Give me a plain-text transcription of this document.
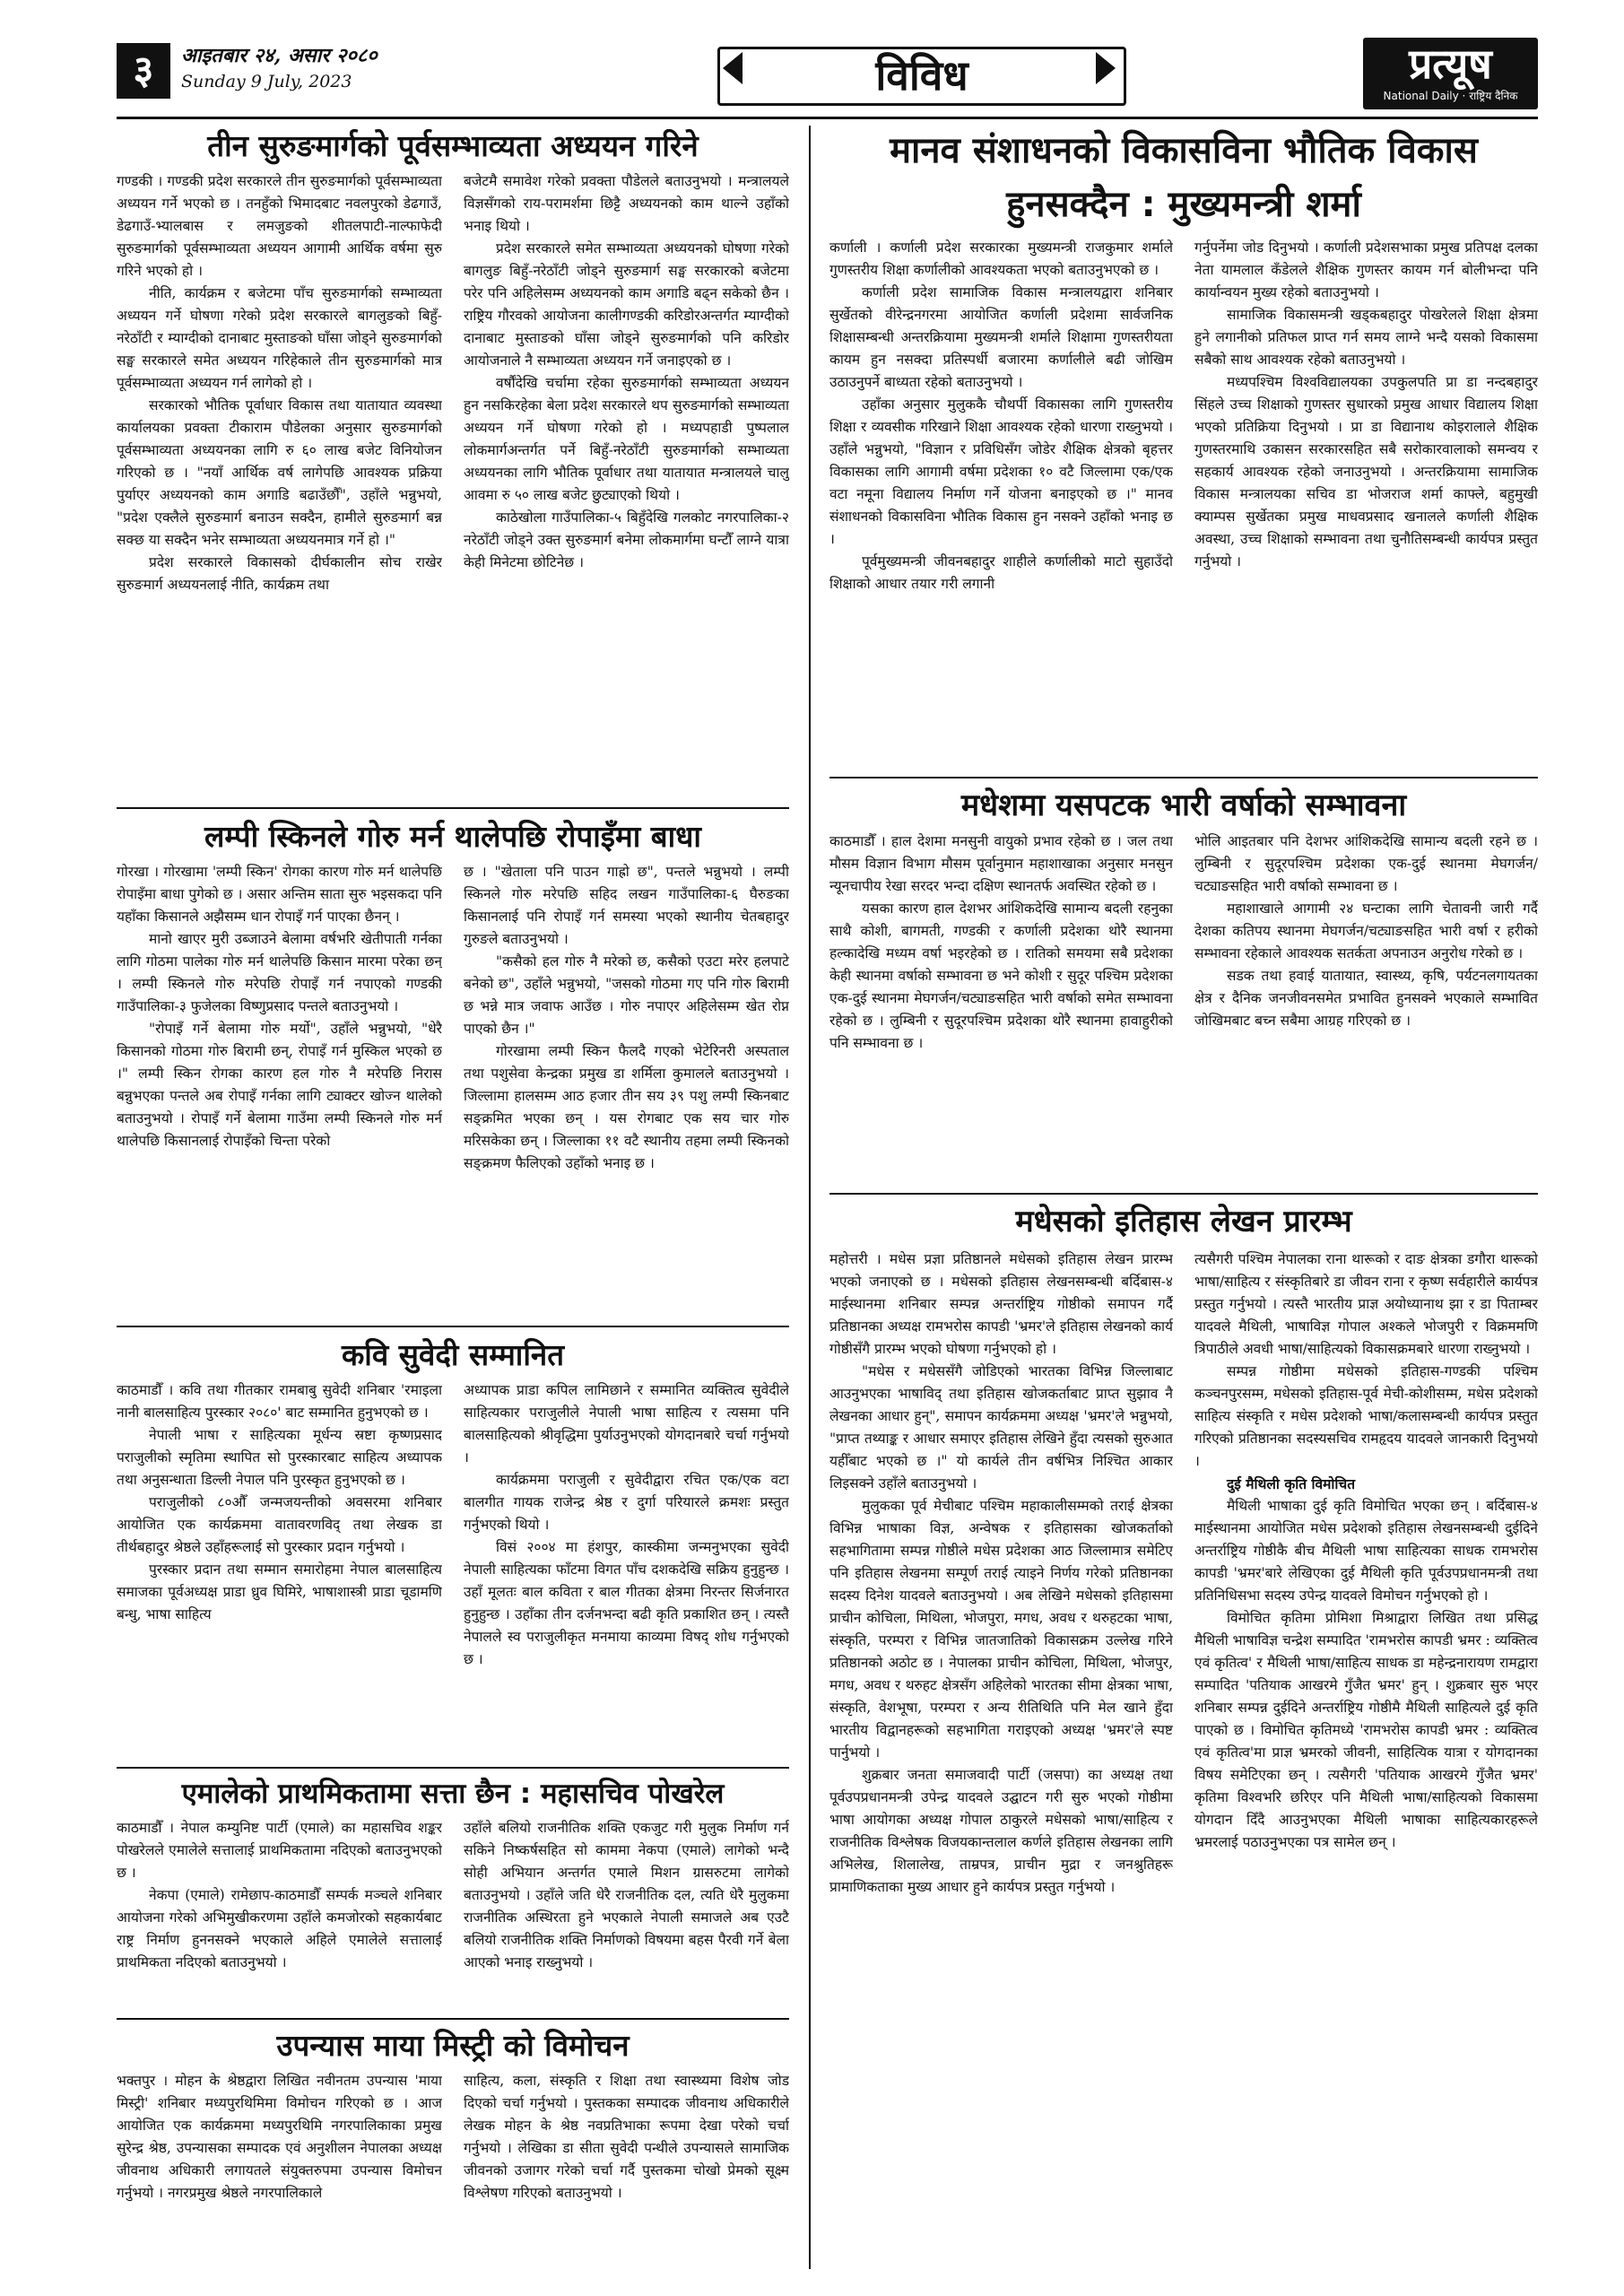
३	आइतबार २४, असार २०८०
Sunday 9 July, 2023	विविध	प्रत्यूष
National Daily · राष्ट्रिय दैनिक
तीन सुरुङमार्गको पूर्वसम्भाव्यता अध्ययन गरिने

गण्डकी । गण्डकी प्रदेश सरकारले तीन सुरुङमार्गको पूर्वसम्भाव्यता अध्ययन गर्ने भएको छ । तनहुँको भिमादबाट नवलपुरको डेढगाउँ, डेढगाउँ-भ्यालबास र लमजुङको शीतलपाटी-नाल्फाफेदी सुरुङमार्गको पूर्वसम्भाव्यता अध्ययन आगामी आर्थिक वर्षमा सुरु गरिने भएको हो ।

नीति, कार्यक्रम र बजेटमा पाँच सुरुङमार्गको सम्भाव्यता अध्ययन गर्ने घोषणा गरेको प्रदेश सरकारले बागलुङको बिहुँ-नरेठाँटी र म्याग्दीको दानाबाट मुस्ताङको घाँसा जोड्ने सुरुङमार्गको सङ्घ सरकारले समेत अध्ययन गरिहेकाले तीन सुरुङमार्गको मात्र पूर्वसम्भाव्यता अध्ययन गर्न लागेको हो ।

सरकारको भौतिक पूर्वाधार विकास तथा यातायात व्यवस्था कार्यालयका प्रवक्ता टीकाराम पौडेलका अनुसार सुरुङमार्गको पूर्वसम्भाव्यता अध्ययनका लागि रु ६० लाख बजेट विनियोजन गरिएको छ । "नयाँ आर्थिक वर्ष लागेपछि आवश्यक प्रक्रिया पुर्याएर अध्ययनको काम अगाडि बढाउँछौँ", उहाँले भन्नुभयो, "प्रदेश एक्लैले सुरुङमार्ग बनाउन सक्दैन, हामीले सुरुङमार्ग बन्न सक्छ या सक्दैन भनेर सम्भाव्यता अध्ययनमात्र गर्ने हो ।"

प्रदेश सरकारले विकासको दीर्घकालीन सोच राखेर सुरुङमार्ग अध्ययनलाई नीति, कार्यक्रम तथा

बजेटमै समावेश गरेको प्रवक्ता पौडेलले बताउनुभयो । मन्त्रालयले विज्ञसँगको राय-परामर्शमा छिट्टै अध्ययनको काम थाल्ने उहाँको भनाइ थियो ।

प्रदेश सरकारले समेत सम्भाव्यता अध्ययनको घोषणा गरेको बागलुङ बिहुँ-नरेठाँटी जोड्ने सुरुङमार्ग सङ्घ सरकारको बजेटमा परेर पनि अहिलेसम्म अध्ययनको काम अगाडि बढ्न सकेको छैन । राष्ट्रिय गौरवको आयोजना कालीगण्डकी करिडोरअन्तर्गत म्याग्दीको दानाबाट मुस्ताङको घाँसा जोड्ने सुरुङमार्गको पनि करिडोर आयोजनाले नै सम्भाव्यता अध्ययन गर्ने जनाइएको छ ।

वर्षौंदेखि चर्चामा रहेका सुरुङमार्गको सम्भाव्यता अध्ययन हुन नसकिरहेका बेला प्रदेश सरकारले थप सुरुङमार्गको सम्भाव्यता अध्ययन गर्ने घोषणा गरेको हो । मध्यपहाडी पुष्पलाल लोकमार्गअन्तर्गत पर्ने बिहुँ-नरेठाँटी सुरुङमार्गको सम्भाव्यता अध्ययनका लागि भौतिक पूर्वाधार तथा यातायात मन्त्रालयले चालु आवमा रु ५० लाख बजेट छुट्याएको थियो ।

काठेखोला गाउँपालिका-५ बिहुँदेखि गलकोट नगरपालिका-२ नरेठाँटी जोड्ने उक्त सुरुङमार्ग बनेमा लोकमार्गमा घन्टौँ लाग्ने यात्रा केही मिनेटमा छोटिनेछ ।

लम्पी स्किनले गोरु मर्न थालेपछि रोपाइँमा बाधा

गोरखा । गोरखामा 'लम्पी स्किन' रोगका कारण गोरु मर्न थालेपछि रोपाइँमा बाधा पुगेको छ । असार अन्तिम साता सुरु भइसकदा पनि यहाँका किसानले अझैसम्म धान रोपाइँ गर्न पाएका छैनन् ।

मानो खाएर मुरी उब्जाउने बेलामा वर्षभरि खेतीपाती गर्नका लागि गोठमा पालेका गोरु मर्न थालेपछि किसान मारमा परेका छन् । लम्पी स्किनले गोरु मरेपछि रोपाइँ गर्न नपाएको गण्डकी गाउँपालिका-३ फुजेलका विष्णुप्रसाद पन्तले बताउनुभयो ।

"रोपाइँ गर्ने बेलामा गोरु मर्यो", उहाँले भन्नुभयो, "धेरै किसानको गोठमा गोरु बिरामी छन्, रोपाइँ गर्न मुस्किल भएको छ ।" लम्पी स्किन रोगका कारण हल गोरु नै मरेपछि निरास बन्नुभएका पन्तले अब रोपाइँ गर्नका लागि ट्याक्टर खोज्न थालेको बताउनुभयो । रोपाइँ गर्ने बेलामा गाउँमा लम्पी स्किनले गोरु मर्न थालेपछि किसानलाई रोपाइँको चिन्ता परेको

छ । "खेताला पनि पाउन गाह्रो छ", पन्तले भन्नुभयो । लम्पी स्किनले गोरु मरेपछि सहिद लखन गाउँपालिका-६ घैरुङका किसानलाई पनि रोपाइँ गर्न समस्या भएको स्थानीय चेतबहादुर गुरुङले बताउनुभयो ।

"कसैको हल गोरु नै मरेको छ, कसैको एउटा मरेर हलपाटे बनेको छ", उहाँले भन्नुभयो, "जसको गोठमा गए पनि गोरु बिरामी छ भन्ने मात्र जवाफ आउँछ । गोरु नपाएर अहिलेसम्म खेत रोप्न पाएको छैन ।"

गोरखामा लम्पी स्किन फैलदै गएको भेटेरिनरी अस्पताल तथा पशुसेवा केन्द्रका प्रमुख डा शर्मिला कुमालले बताउनुभयो । जिल्लामा हालसम्म आठ हजार तीन सय ३९ पशु लम्पी स्किनबाट सङ्क्रमित भएका छन् । यस रोगबाट एक सय चार गोरु मरिसकेका छन् । जिल्लाका ११ वटै स्थानीय तहमा लम्पी स्किनको सङ्क्रमण फैलिएको उहाँको भनाइ छ ।

कवि सुवेदी सम्मानित

काठमाडौँ । कवि तथा गीतकार रामबाबु सुवेदी शनिबार 'रमाइला नानी बालसाहित्य पुरस्कार २०८०' बाट सम्मानित हुनुभएको छ ।

नेपाली भाषा र साहित्यका मूर्धन्य स्रष्टा कृष्णप्रसाद पराजुलीको स्मृतिमा स्थापित सो पुरस्कारबाट साहित्य अध्यापक तथा अनुसन्धाता डिल्ली नेपाल पनि पुरस्कृत हुनुभएको छ ।

पराजुलीको ८०औँ जन्मजयन्तीको अवसरमा शनिबार आयोजित एक कार्यक्रममा वातावरणविद् तथा लेखक डा तीर्थबहादुर श्रेष्ठले उहाँहरूलाई सो पुरस्कार प्रदान गर्नुभयो ।

पुरस्कार प्रदान तथा सम्मान समारोहमा नेपाल बालसाहित्य समाजका पूर्वअध्यक्ष प्राडा ध्रुव घिमिरे, भाषाशास्त्री प्राडा चूडामणि बन्धु, भाषा साहित्य

अध्यापक प्राडा कपिल लामिछाने र सम्मानित व्यक्तित्व सुवेदीले साहित्यकार पराजुलीले नेपाली भाषा साहित्य र त्यसमा पनि बालसाहित्यको श्रीवृद्धिमा पुर्याउनुभएको योगदानबारे चर्चा गर्नुभयो ।

कार्यक्रममा पराजुली र सुवेदीद्वारा रचित एक/एक वटा बालगीत गायक राजेन्द्र श्रेष्ठ र दुर्गा परियारले क्रमशः प्रस्तुत गर्नुभएको थियो ।

विसं २००४ मा हंशपुर, कास्कीमा जन्मनुभएका सुवेदी नेपाली साहित्यका फाँटमा विगत पाँच दशकदेखि सक्रिय हुनुहुन्छ । उहाँ मूलतः बाल कविता र बाल गीतका क्षेत्रमा निरन्तर सिर्जनारत हुनुहुन्छ । उहाँका तीन दर्जनभन्दा बढी कृति प्रकाशित छन् । त्यस्तै नेपालले स्व पराजुलीकृत मनमाया काव्यमा विषद् शोध गर्नुभएको छ ।

एमालेको प्राथमिकतामा सत्ता छैन : महासचिव पोखरेल

काठमाडौँ । नेपाल कम्युनिष्ट पार्टी (एमाले) का महासचिव शङ्कर पोखरेलले एमालेले सत्तालाई प्राथमिकतामा नदिएको बताउनुभएको छ ।

नेकपा (एमाले) रामेछाप-काठमाडौँ सम्पर्क मञ्चले शनिबार आयोजना गरेको अभिमुखीकरणमा उहाँले कमजोरको सहकार्यबाट राष्ट्र निर्माण हुननसक्ने भएकाले अहिले एमालेले सत्तालाई प्राथमिकता नदिएको बताउनुभयो ।

उहाँले बलियो राजनीतिक शक्ति एकजुट गरी मुलुक निर्माण गर्न सकिने निष्कर्षसहित सो काममा नेकपा (एमाले) लागेको भन्दै सोही अभियान अन्तर्गत एमाले मिशन ग्रासरुटमा लागेको बताउनुभयो । उहाँले जति धेरै राजनीतिक दल, त्यति धेरै मुलुकमा राजनीतिक अस्थिरता हुने भएकाले नेपाली समाजले अब एउटै बलियो राजनीतिक शक्ति निर्माणको विषयमा बहस पैरवी गर्ने बेला आएको भनाइ राख्नुभयो ।

उपन्यास माया मिस्ट्री को विमोचन

भक्तपुर । मोहन के श्रेष्ठद्वारा लिखित नवीनतम उपन्यास 'माया मिस्ट्री' शनिबार मध्यपुरथिमिमा विमोचन गरिएको छ । आज आयोजित एक कार्यक्रममा मध्यपुरथिमि नगरपालिकाका प्रमुख सुरेन्द्र श्रेष्ठ, उपन्यासका सम्पादक एवं अनुशीलन नेपालका अध्यक्ष जीवनाथ अधिकारी लगायतले संयुक्तरुपमा उपन्यास विमोचन गर्नुभयो । नगरप्रमुख श्रेष्ठले नगरपालिकाले

साहित्य, कला, संस्कृति र शिक्षा तथा स्वास्थ्यमा विशेष जोड दिएको चर्चा गर्नुभयो । पुस्तकका सम्पादक जीवनाथ अधिकारीले लेखक मोहन के श्रेष्ठ नवप्रतिभाका रूपमा देखा परेको चर्चा गर्नुभयो । लेखिका डा सीता सुवेदी पन्थीले उपन्यासले सामाजिक जीवनको उजागर गरेको चर्चा गर्दै पुस्तकमा चोखो प्रेमको सूक्ष्म विश्लेषण गरिएको बताउनुभयो ।

मानव संशाधनको विकासविना भौतिक विकास
हुनसक्दैन : मुख्यमन्त्री शर्मा

कर्णाली । कर्णाली प्रदेश सरकारका मुख्यमन्त्री राजकुमार शर्माले गुणस्तरीय शिक्षा कर्णालीको आवश्यकता भएको बताउनुभएको छ ।

कर्णाली प्रदेश सामाजिक विकास मन्त्रालयद्वारा शनिबार सुर्खेतको वीरेन्द्रनगरमा आयोजित कर्णाली प्रदेशमा सार्वजनिक शिक्षासम्बन्धी अन्तरक्रियामा मुख्यमन्त्री शर्माले शिक्षामा गुणस्तरीयता कायम हुन नसक्दा प्रतिस्पर्धी बजारमा कर्णालीले बढी जोखिम उठाउनुपर्ने बाध्यता रहेको बताउनुभयो ।

उहाँका अनुसार मुलुककै चौथर्पी विकासका लागि गुणस्तरीय शिक्षा र व्यवसीक गरिखाने शिक्षा आवश्यक रहेको धारणा राख्नुभयो । उहाँले भन्नुभयो, "विज्ञान र प्रविधिसँग जोडेर शैक्षिक क्षेत्रको बृहत्तर विकासका लागि आगामी वर्षमा प्रदेशका १० वटै जिल्लामा एक/एक वटा नमूना विद्यालय निर्माण गर्ने योजना बनाइएको छ ।" मानव संशाधनको विकासविना भौतिक विकास हुन नसक्ने उहाँको भनाइ छ ।

पूर्वमुख्यमन्त्री जीवनबहादुर शाहीले कर्णालीको माटो सुहाउँदो शिक्षाको आधार तयार गरी लगानी

गर्नुपर्नेमा जोड दिनुभयो । कर्णाली प्रदेशसभाका प्रमुख प्रतिपक्ष दलका नेता यामलाल कँडेलले शैक्षिक गुणस्तर कायम गर्न बोलीभन्दा पनि कार्यान्वयन मुख्य रहेको बताउनुभयो ।

सामाजिक विकासमन्त्री खड्कबहादुर पोखरेलले शिक्षा क्षेत्रमा हुने लगानीको प्रतिफल प्राप्त गर्न समय लाग्ने भन्दै यसको विकासमा सबैको साथ आवश्यक रहेको बताउनुभयो ।

मध्यपश्चिम विश्वविद्यालयका उपकुलपति प्रा डा नन्दबहादुर सिंहले उच्च शिक्षाको गुणस्तर सुधारको प्रमुख आधार विद्यालय शिक्षा भएको प्रतिक्रिया दिनुभयो । प्रा डा विद्यानाथ कोइरालाले शैक्षिक गुणस्तरमाथि उकासन सरकारसहित सबै सरोकारवालाको समन्वय र सहकार्य आवश्यक रहेको जनाउनुभयो । अन्तरक्रियामा सामाजिक विकास मन्त्रालयका सचिव डा भोजराज शर्मा काफ्ले, बहुमुखी क्याम्पस सुर्खेतका प्रमुख माधवप्रसाद खनालले कर्णाली शैक्षिक अवस्था, उच्च शिक्षाको सम्भावना तथा चुनौतिसम्बन्धी कार्यपत्र प्रस्तुत गर्नुभयो ।

मधेशमा यसपटक भारी वर्षाको सम्भावना

काठमाडौँ । हाल देशमा मनसुनी वायुको प्रभाव रहेको छ । जल तथा मौसम विज्ञान विभाग मौसम पूर्वानुमान महाशाखाका अनुसार मनसुन न्यूनचापीय रेखा सरदर भन्दा दक्षिण स्थानतर्फ अवस्थित रहेको छ ।

यसका कारण हाल देशभर आंशिकदेखि सामान्य बदली रहनुका साथै कोशी, बागमती, गण्डकी र कर्णाली प्रदेशका थोरै स्थानमा हल्कादेखि मध्यम वर्षा भइरहेको छ । रातिको समयमा सबै प्रदेशका केही स्थानमा वर्षाको सम्भावना छ भने कोशी र सुदूर पश्चिम प्रदेशका एक-दुई स्थानमा मेघगर्जन/चट्याङसहित भारी वर्षाको समेत सम्भावना रहेको छ । लुम्बिनी र सुदूरपश्चिम प्रदेशका थोरै स्थानमा हावाहुरीको पनि सम्भावना छ ।

भोलि आइतबार पनि देशभर आंशिकदेखि सामान्य बदली रहने छ । लुम्बिनी र सुदूरपश्चिम प्रदेशका एक-दुई स्थानमा मेघगर्जन/चट्याङसहित भारी वर्षाको सम्भावना छ ।

महाशाखाले आगामी २४ घन्टाका लागि चेतावनी जारी गर्दै देशका कतिपय स्थानमा मेघगर्जन/चट्याङसहित भारी वर्षा र हरीको सम्भावना रहेकाले आवश्यक सतर्कता अपनाउन अनुरोध गरेको छ ।

सडक तथा हवाई यातायात, स्वास्थ्य, कृषि, पर्यटनलगायतका क्षेत्र र दैनिक जनजीवनसमेत प्रभावित हुनसक्ने भएकाले सम्भावित जोखिमबाट बच्न सबैमा आग्रह गरिएको छ ।

मधेसको इतिहास लेखन प्रारम्भ

महोत्तरी । मधेस प्रज्ञा प्रतिष्ठानले मधेसको इतिहास लेखन प्रारम्भ भएको जनाएको छ । मधेसको इतिहास लेखनसम्बन्धी बर्दिबास-४ माईस्थानमा शनिबार सम्पन्न अन्तर्राष्ट्रिय गोष्ठीको समापन गर्दै प्रतिष्ठानका अध्यक्ष रामभरोस कापडी 'भ्रमर'ले इतिहास लेखनको कार्य गोष्ठीसँगै प्रारम्भ भएको घोषणा गर्नुभएको हो ।

"मधेस र मधेससँगै जोडिएको भारतका विभिन्न जिल्लाबाट आउनुभएका भाषाविद् तथा इतिहास खोजकर्ताबाट प्राप्त सुझाव नै लेखनका आधार हुन्", समापन कार्यक्रममा अध्यक्ष 'भ्रमर'ले भन्नुभयो, "प्राप्त तथ्याङ्क र आधार समाएर इतिहास लेखिने हुँदा त्यसको सुरुआत यहीँबाट भएको छ ।" यो कार्यले तीन वर्षभित्र निश्चित आकार लिइसक्ने उहाँले बताउनुभयो ।

मुलुकका पूर्व मेचीबाट पश्चिम महाकालीसम्मको तराई क्षेत्रका विभिन्न भाषाका विज्ञ, अन्वेषक र इतिहासका खोजकर्ताको सहभागितामा सम्पन्न गोष्ठीले मधेस प्रदेशका आठ जिल्लामात्र समेटिए पनि इतिहास लेखनमा सम्पूर्ण तराई त्याइने निर्णय गरेको प्रतिष्ठानका सदस्य दिनेश यादवले बताउनुभयो । अब लेखिने मधेसको इतिहासमा प्राचीन कोचिला, मिथिला, भोजपुरा, मगध, अवध र थरुहटका भाषा, संस्कृति, परम्परा र विभिन्न जातजातिको विकासक्रम उल्लेख गरिने प्रतिष्ठानको अठोट छ । नेपालका प्राचीन कोचिला, मिथिला, भोजपुर, मगध, अवध र थरुहट क्षेत्रसँग अहिलेको भारतका सीमा क्षेत्रका भाषा, संस्कृति, वेशभूषा, परम्परा र अन्य रीतिथिति पनि मेल खाने हुँदा भारतीय विद्वानहरूको सहभागिता गराइएको अध्यक्ष 'भ्रमर'ले स्पष्ट पार्नुभयो ।

शुक्रबार जनता समाजवादी पार्टी (जसपा) का अध्यक्ष तथा पूर्वउपप्रधानमन्त्री उपेन्द्र यादवले उद्घाटन गरी सुरु भएको गोष्ठीमा भाषा आयोगका अध्यक्ष गोपाल ठाकुरले मधेसको भाषा/साहित्य र राजनीतिक विश्लेषक विजयकान्तलाल कर्णले इतिहास लेखनका लागि अभिलेख, शिलालेख, ताम्रपत्र, प्राचीन मुद्रा र जनश्रुतिहरू प्रामाणिकताका मुख्य आधार हुने कार्यपत्र प्रस्तुत गर्नुभयो ।

त्यसैगरी पश्चिम नेपालका राना थारूको र दाङ क्षेत्रका डगौरा थारूको भाषा/साहित्य र संस्कृतिबारे डा जीवन राना र कृष्ण सर्वहारीले कार्यपत्र प्रस्तुत गर्नुभयो । त्यस्तै भारतीय प्राज्ञ अयोध्यानाथ झा र डा पिताम्बर यादवले मैथिली, भाषाविज्ञ गोपाल अश्कले भोजपुरी र विक्रममणि त्रिपाठीले अवधी भाषा/साहित्यको विकासक्रमबारे धारणा राख्नुभयो ।

सम्पन्न गोष्ठीमा मधेसको इतिहास-गण्डकी पश्चिम कञ्चनपुरसम्म, मधेसको इतिहास-पूर्व मेची-कोशीसम्म, मधेस प्रदेशको साहित्य संस्कृति र मधेस प्रदेशको भाषा/कलासम्बन्धी कार्यपत्र प्रस्तुत गरिएको प्रतिष्ठानका सदस्यसचिव रामहृदय यादवले जानकारी दिनुभयो ।

दुई मैथिली कृति विमोचित

मैथिली भाषाका दुई कृति विमोचित भएका छन् । बर्दिबास-४ माईस्थानमा आयोजित मधेस प्रदेशको इतिहास लेखनसम्बन्धी दुईदिने अन्तर्राष्ट्रिय गोष्ठीकै बीच मैथिली भाषा साहित्यका साधक रामभरोस कापडी 'भ्रमर'बारे लेखिएका दुई मैथिली कृति पूर्वउपप्रधानमन्त्री तथा प्रतिनिधिसभा सदस्य उपेन्द्र यादवले विमोचन गर्नुभएको हो ।

विमोचित कृतिमा प्रोमिशा मिश्राद्वारा लिखित तथा प्रसिद्ध मैथिली भाषाविज्ञ चन्द्रेश सम्पादित 'रामभरोस कापडी भ्रमर : व्यक्तित्व एवं कृतित्व' र मैथिली भाषा/साहित्य साधक डा महेन्द्रनारायण रामद्वारा सम्पादित 'पतियाक आखरमे गुँजैत भ्रमर' हुन् । शुक्रबार सुरु भएर शनिबार सम्पन्न दुईदिने अन्तर्राष्ट्रिय गोष्ठीमै मैथिली साहित्यले दुई कृति पाएको छ । विमोचित कृतिमध्ये 'रामभरोस कापडी भ्रमर : व्यक्तित्व एवं कृतित्व'मा प्राज्ञ भ्रमरको जीवनी, साहित्यिक यात्रा र योगदानका विषय समेटिएका छन् । त्यसैगरी 'पतियाक आखरमे गुँजैत भ्रमर' कृतिमा विश्वभरि छरिएर पनि मैथिली भाषा/साहित्यको विकासमा योगदान दिँदै आउनुभएका मैथिली भाषाका साहित्यकारहरूले भ्रमरलाई पठाउनुभएका पत्र सामेल छन् ।
